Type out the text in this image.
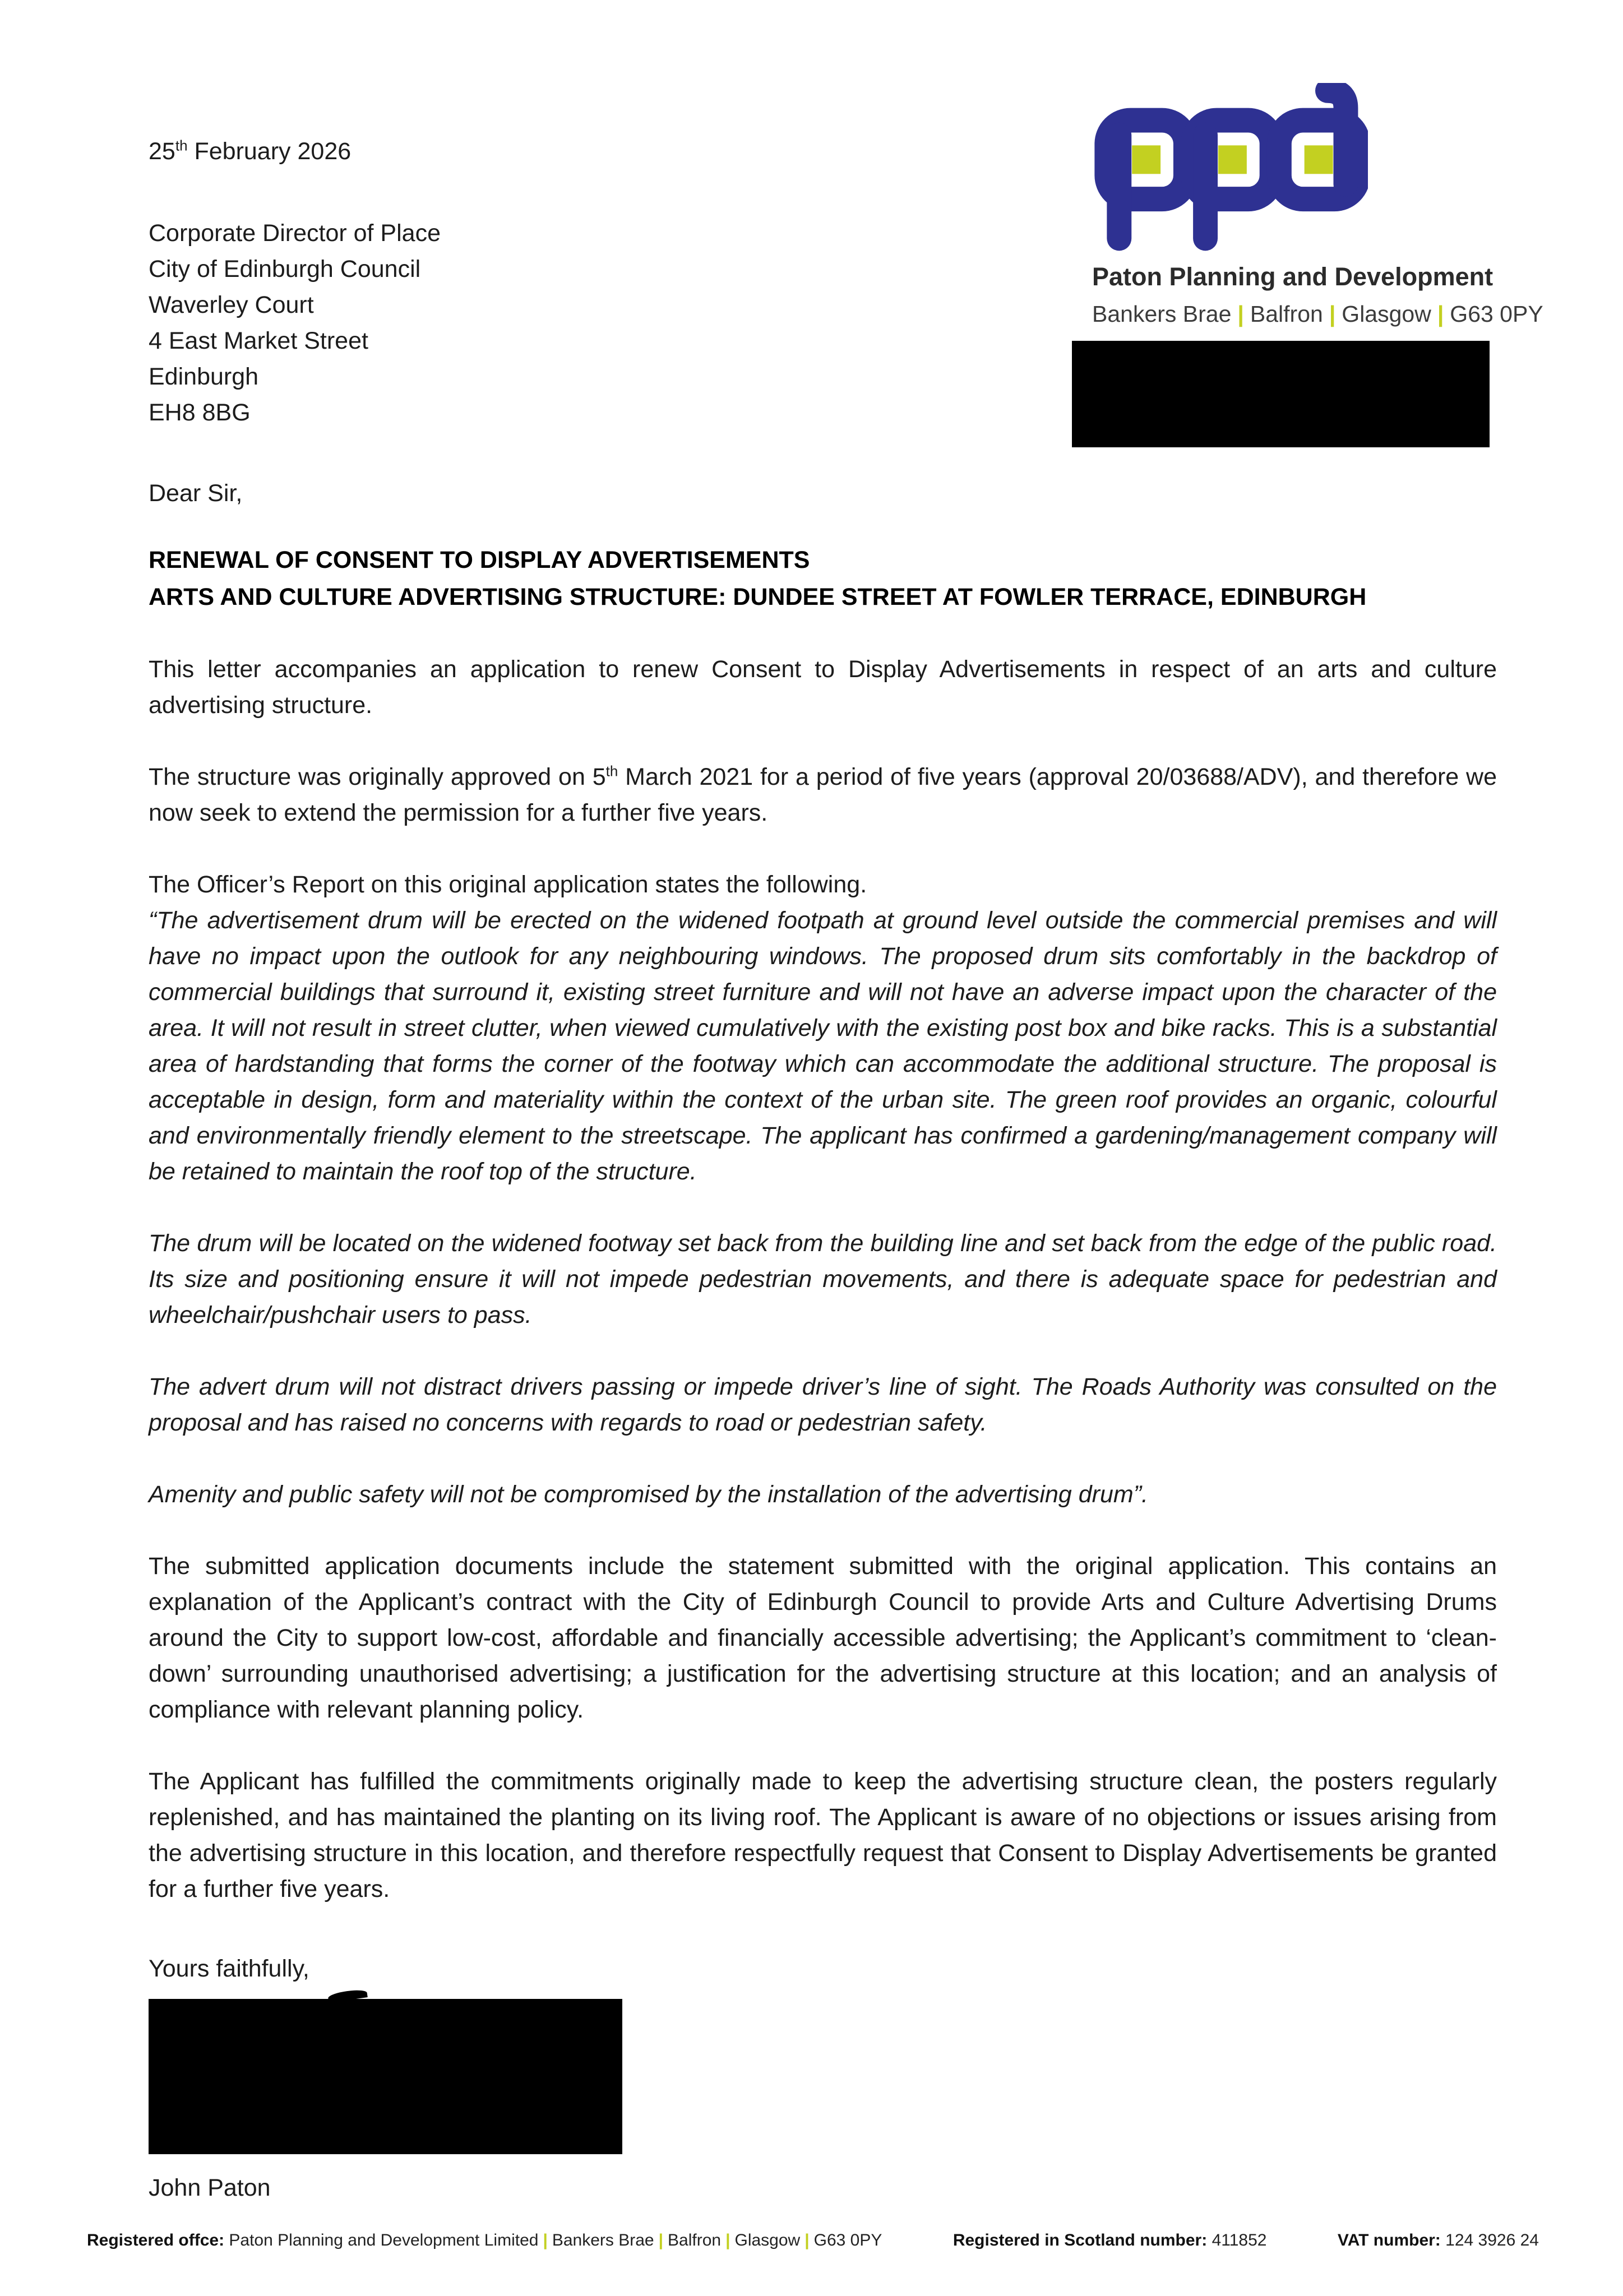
Paton Planning and Development
Bankers Brae | Balfron | Glasgow | G63 0PY
25th February 2026
Corporate Director of Place
City of Edinburgh Council
Waverley Court
4 East Market Street
Edinburgh
EH8 8BG
Dear Sir,
RENEWAL OF CONSENT TO DISPLAY ADVERTISEMENTS
ARTS AND CULTURE ADVERTISING STRUCTURE: DUNDEE STREET AT FOWLER TERRACE, EDINBURGH

This letter accompanies an application to renew Consent to Display Advertisements in respect of an arts and culture advertising structure.

The structure was originally approved on 5th March 2021 for a period of five years (approval 20/03688/ADV), and therefore we now seek to extend the permission for a further five years.

The Officer’s Report on this original application states the following.

“The advertisement drum will be erected on the widened footpath at ground level outside the commercial premises and will have no impact upon the outlook for any neighbouring windows. The proposed drum sits comfortably in the backdrop of commercial buildings that surround it, existing street furniture and will not have an adverse impact upon the character of the area. It will not result in street clutter, when viewed cumulatively with the existing post box and bike racks. This is a substantial area of hardstanding that forms the corner of the footway which can accommodate the additional structure. The proposal is acceptable in design, form and materiality within the context of the urban site. The green roof provides an organic, colourful and environmentally friendly element to the streetscape. The applicant has confirmed a gardening/management company will be retained to maintain the roof top of the structure.

The drum will be located on the widened footway set back from the building line and set back from the edge of the public road. Its size and positioning ensure it will not impede pedestrian movements, and there is adequate space for pedestrian and wheelchair/pushchair users to pass.

The advert drum will not distract drivers passing or impede driver’s line of sight. The Roads Authority was consulted on the proposal and has raised no concerns with regards to road or pedestrian safety.

Amenity and public safety will not be compromised by the installation of the advertising drum”.

The submitted application documents include the statement submitted with the original application. This contains an explanation of the Applicant’s contract with the City of Edinburgh Council to provide Arts and Culture Advertising Drums around the City to support low-cost, affordable and financially accessible advertising; the Applicant’s commitment to ‘clean-down’ surrounding unauthorised advertising; a justification for the advertising structure at this location; and an analysis of compliance with relevant planning policy.

The Applicant has fulfilled the commitments originally made to keep the advertising structure clean, the posters regularly replenished, and has maintained the planting on its living roof. The Applicant is aware of no objections or issues arising from the advertising structure in this location, and therefore respectfully request that Consent to Display Advertisements be granted for a further five years.

Yours faithfully,
John Paton
Registered offce: Paton Planning and Development Limited | Bankers Brae | Balfron | Glasgow | G63 0PY	Registered in Scotland number: 411852	VAT number: 124 3926 24
